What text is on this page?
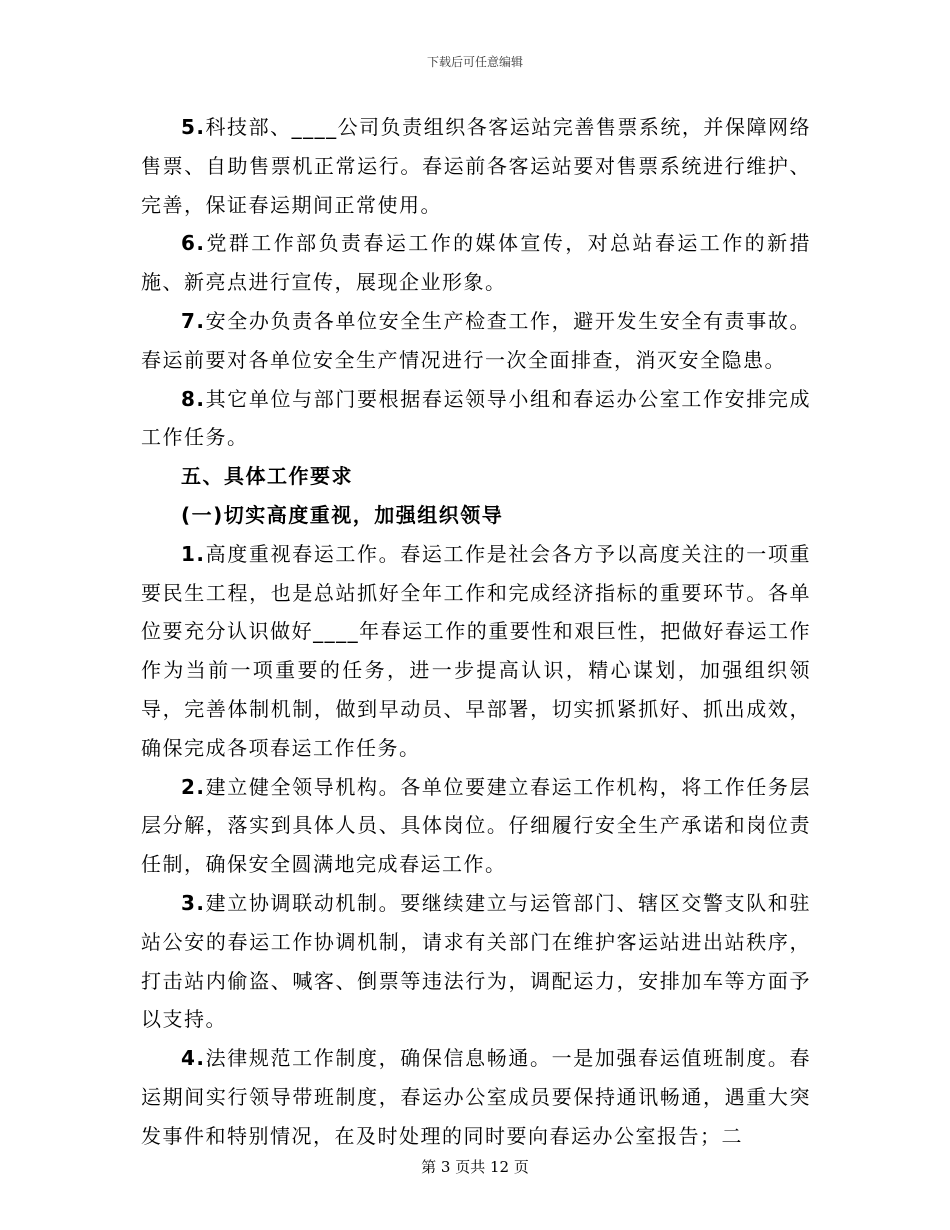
下载后可任意编辑

5.科技部、____公司负责组织各客运站完善售票系统，并保障网络售票、自助售票机正常运行。春运前各客运站要对售票系统进行维护、完善，保证春运期间正常使用。

6.党群工作部负责春运工作的媒体宣传，对总站春运工作的新措施、新亮点进行宣传，展现企业形象。

7.安全办负责各单位安全生产检查工作，避开发生安全有责事故。春运前要对各单位安全生产情况进行一次全面排查，消灭安全隐患。

8.其它单位与部门要根据春运领导小组和春运办公室工作安排完成工作任务。

五、具体工作要求

(一)切实高度重视，加强组织领导

1.高度重视春运工作。春运工作是社会各方予以高度关注的一项重要民生工程，也是总站抓好全年工作和完成经济指标的重要环节。各单位要充分认识做好____年春运工作的重要性和艰巨性，把做好春运工作作为当前一项重要的任务，进一步提高认识，精心谋划，加强组织领导，完善体制机制，做到早动员、早部署，切实抓紧抓好、抓出成效，确保完成各项春运工作任务。

2.建立健全领导机构。各单位要建立春运工作机构，将工作任务层层分解，落实到具体人员、具体岗位。仔细履行安全生产承诺和岗位责任制，确保安全圆满地完成春运工作。

3.建立协调联动机制。要继续建立与运管部门、辖区交警支队和驻站公安的春运工作协调机制，请求有关部门在维护客运站进出站秩序，打击站内偷盗、喊客、倒票等违法行为，调配运力，安排加车等方面予以支持。

4.法律规范工作制度，确保信息畅通。一是加强春运值班制度。春运期间实行领导带班制度，春运办公室成员要保持通讯畅通，遇重大突发事件和特别情况，在及时处理的同时要向春运办公室报告；二

第 3 页共 12 页
